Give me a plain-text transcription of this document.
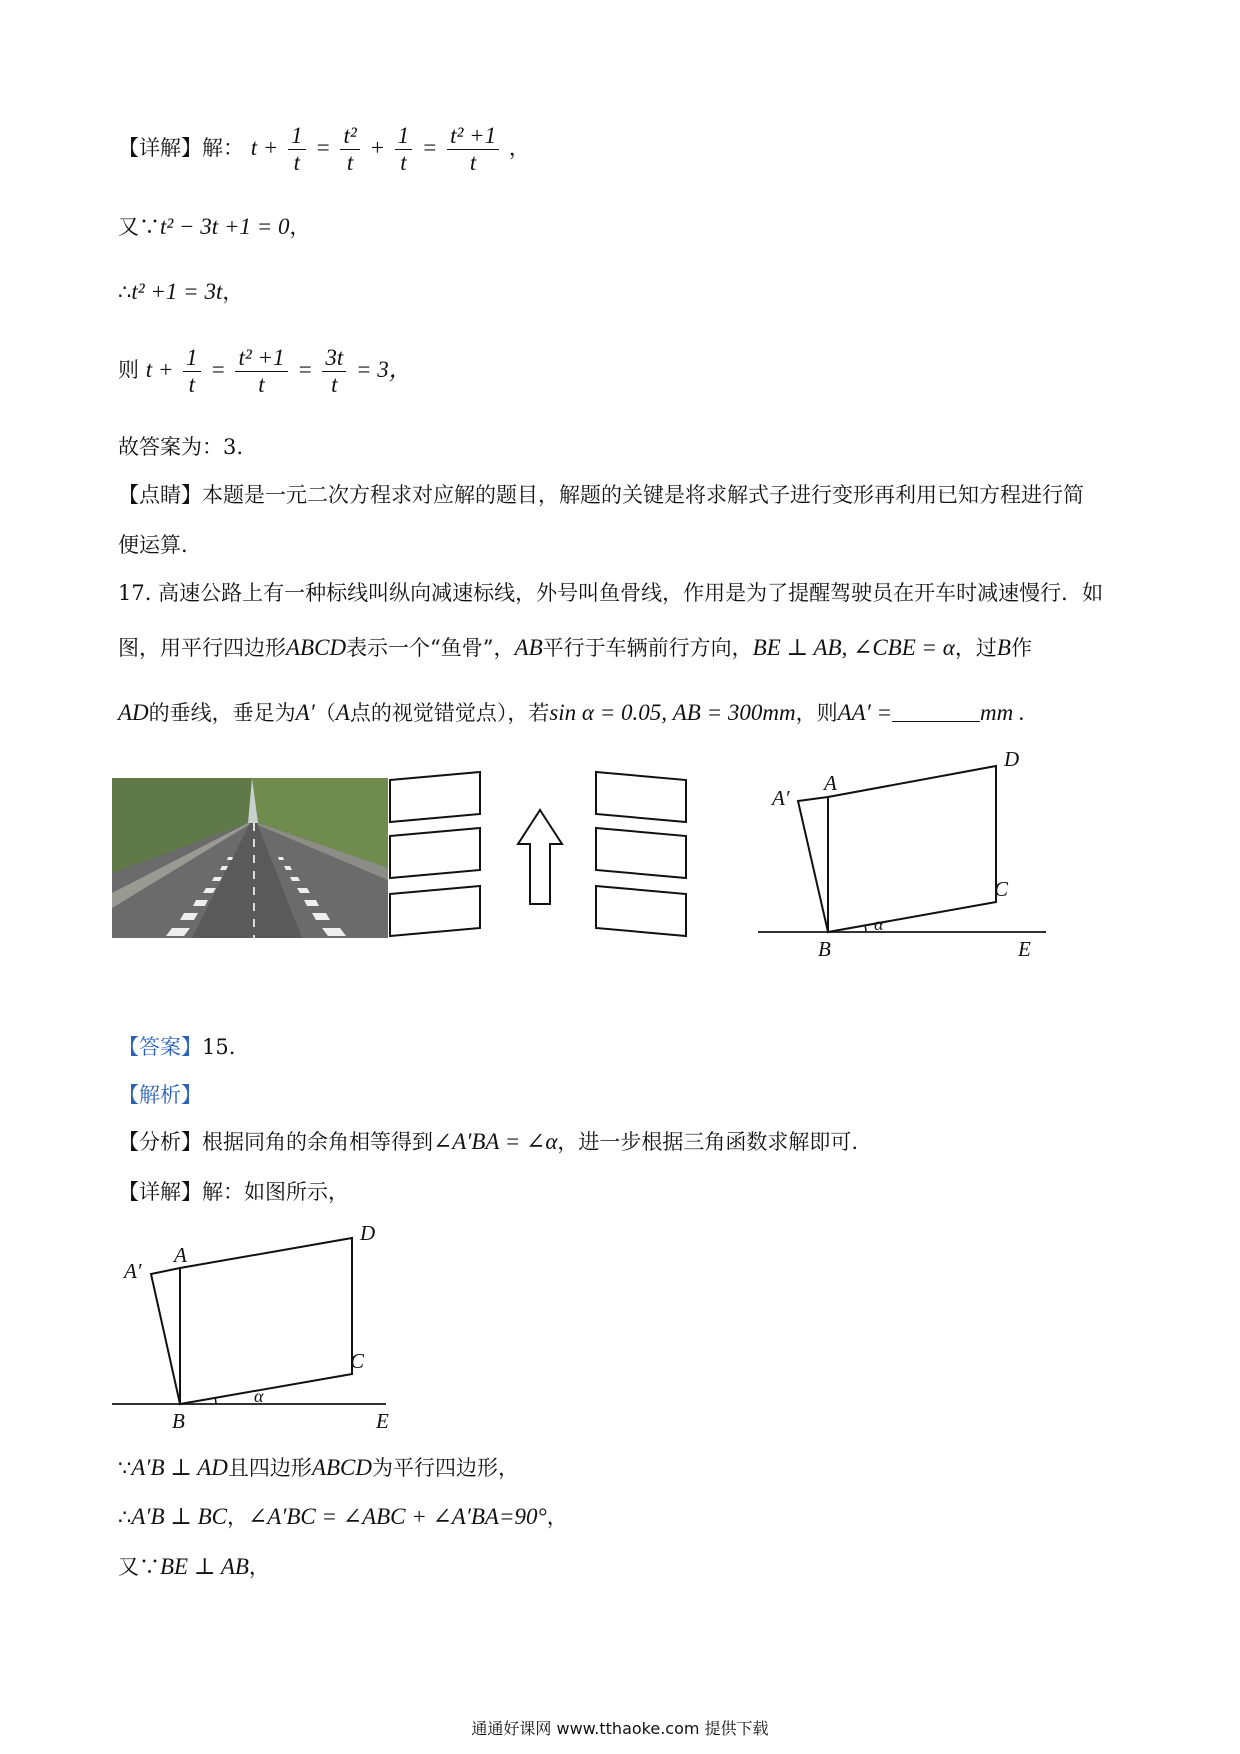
【详解】解： $t + \frac{1}{t} = \frac{\text{t²}}{t} + \frac{1}{t} = \frac{\text{t² +1}}{t}$ ，
又∵t² − 3t +1 = 0，
∴t² +1 = 3t，
则 $t + \frac{1}{t} = \frac{\text{t² +1}}{t} = \frac{3t}{t} = 3$，
故答案为：3.
【点睛】本题是一元二次方程求对应解的题目，解题的关键是将求解式子进行变形再利用已知方程进行简
便运算.
17. 高速公路上有一种标线叫纵向减速标线，外号叫鱼骨线，作用是为了提醒驾驶员在开车时减速慢行．如
图，用平行四边形ABCD表示一个“鱼骨”，AB平行于车辆前行方向，BE ⊥ AB, ∠CBE = α，过B作
AD的垂线，垂足为A′（A点的视觉错觉点），若sin α = 0.05, AB = 300mm，则AA′ =	mm .
A
A′
D
C
B	E
α
【答案】15.
【解析】
【分析】根据同角的余角相等得到∠A′BA = ∠α，进一步根据三角函数求解即可.
【详解】解：如图所示，
A
A′
D
C
B	E
α
∵A′B ⊥ AD且四边形ABCD为平行四边形，
∴A′B ⊥ BC，∠A′BC = ∠ABC + ∠A′BA=90°，
又∵BE ⊥ AB，
通通好课网 www.tthaoke.com 提供下载
